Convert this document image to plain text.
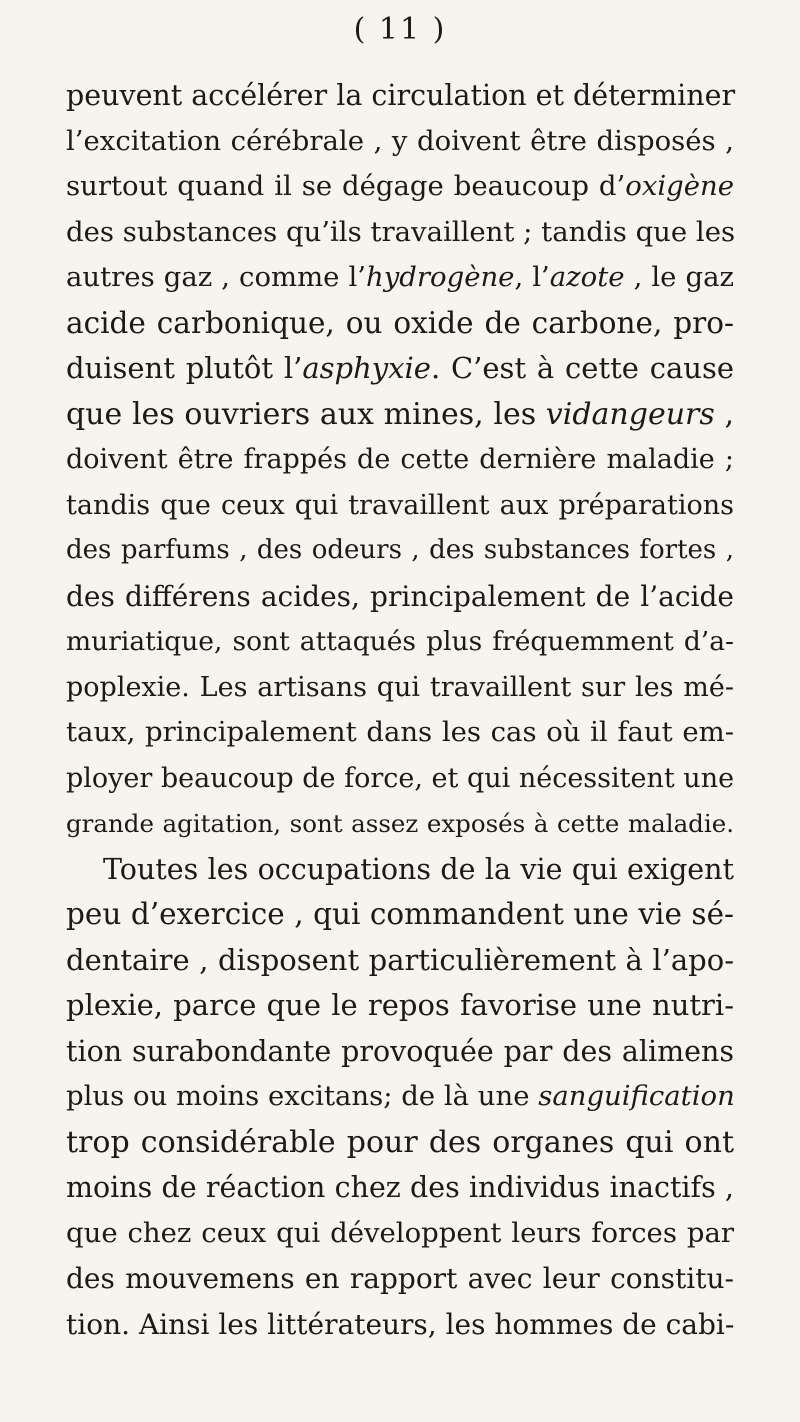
( 11 )
peuvent accélérer la circulation et déterminer
l’excitation cérébrale , y doivent être disposés ,
surtout quand il se dégage beaucoup d’oxigène
des substances qu’ils travaillent ; tandis que les
autres gaz , comme l’hydrogène, l’azote , le gaz
acide carbonique, ou oxide de carbone, pro-
duisent plutôt l’asphyxie. C’est à cette cause
que les ouvriers aux mines, les vidangeurs ,
doivent être frappés de cette dernière maladie ;
tandis que ceux qui travaillent aux préparations
des parfums , des odeurs , des substances fortes ,
des différens acides, principalement de l’acide
muriatique, sont attaqués plus fréquemment d’a-
poplexie. Les artisans qui travaillent sur les mé-
taux, principalement dans les cas où il faut em-
ployer beaucoup de force, et qui nécessitent une
grande agitation, sont assez exposés à cette maladie.
Toutes les occupations de la vie qui exigent
peu d’exercice , qui commandent une vie sé-
dentaire , disposent particulièrement à l’apo-
plexie, parce que le repos favorise une nutri-
tion surabondante provoquée par des alimens
plus ou moins excitans; de là une sanguification
trop considérable pour des organes qui ont
moins de réaction chez des individus inactifs ,
que chez ceux qui développent leurs forces par
des mouvemens en rapport avec leur constitu-
tion. Ainsi les littérateurs, les hommes de cabi-
